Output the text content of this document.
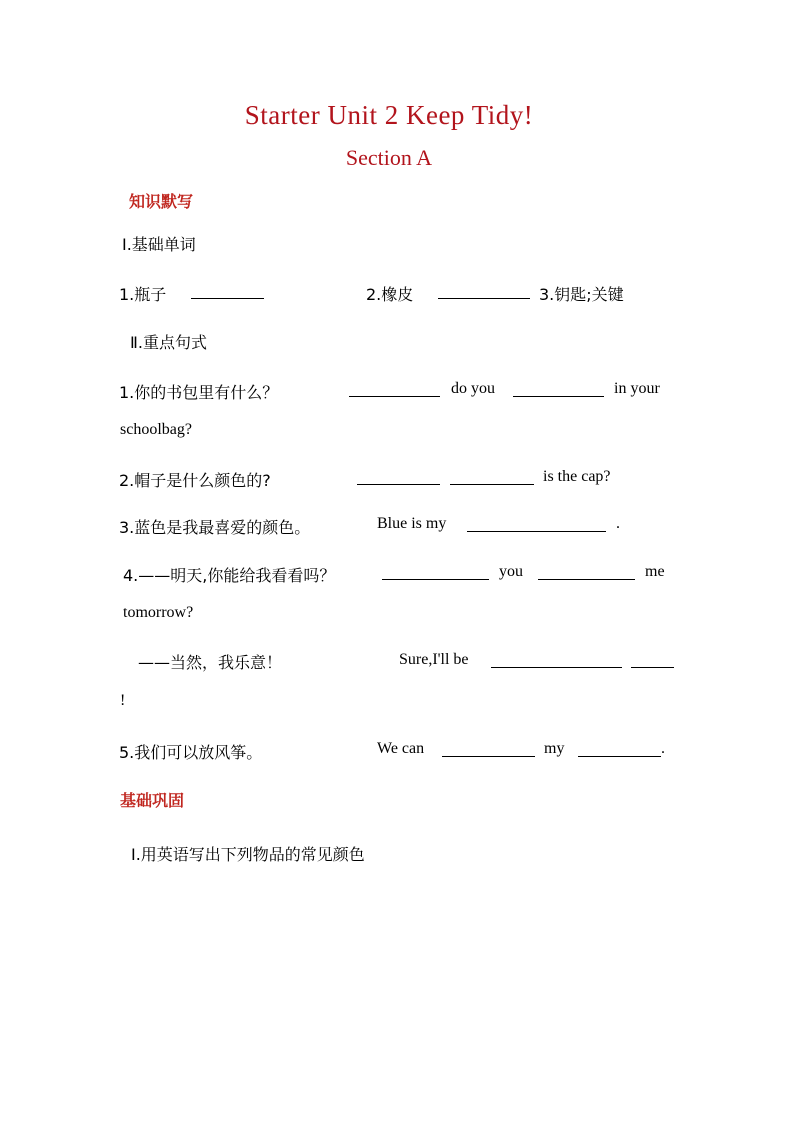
Starter Unit 2 Keep Tidy!
Section A
知识默写
Ⅰ.基础单词
1.瓶子	2.橡皮	3.钥匙;关键
Ⅱ.重点句式
1.你的书包里有什么？	do you	in your
schoolbag?
2.帽子是什么颜色的?	is the cap?
3.蓝色是我最喜爱的颜色。	Blue is my	.
4.——明天,你能给我看看吗？	you	me
tomorrow?
——当然，我乐意！	Sure,I'll be
!
5.我们可以放风筝。	We can	my	.
基础巩固
Ⅰ.用英语写出下列物品的常见颜色
